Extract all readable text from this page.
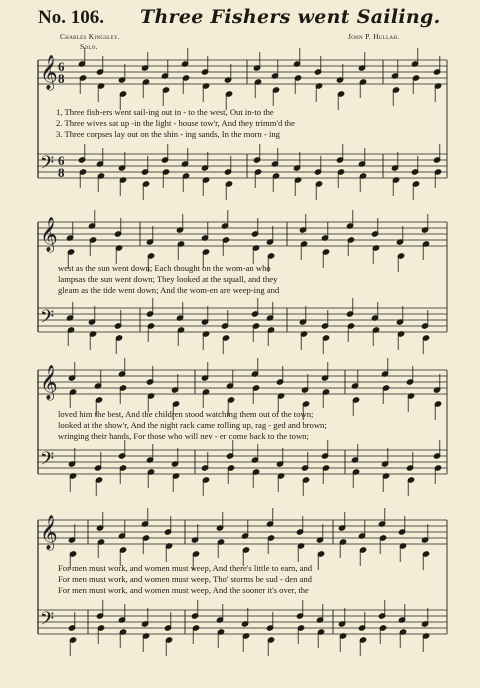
No. 106. Three Fishers went Sailing.
Charles Kingsley.
Solo.
John P. Hullah.
𝄞
𝄢
𝄞
𝄢
𝄞
𝄢
𝄞
𝄢
6
8
6
8
1, Three fish-ers went sail-ing out in - to the west, Out in-to the
2. Three wives sat up -in the light - house tow'r, And they trimm'd the
3. Three corpses lay out on the shin - ing sands, In the morn - ing
west as the sun went down; Each thought on the wom-an who
lampsas the sun went down; They looked at the squall, and they
gleam as the tide went down; And the wom-en are weep-ing and
loved him the best, And the children stood watching them out of the town;
looked at the show'r, And the night rack came rolling up, rag - ged and brown;
wringing their hands, For those who will nev - er come back to the town;
For men must work, and women must weep, And there's little to earn, and
For men must work, and women must weep, Tho' storms be sud - den and
For men must work, and women must weep, And the sooner it's over, the
